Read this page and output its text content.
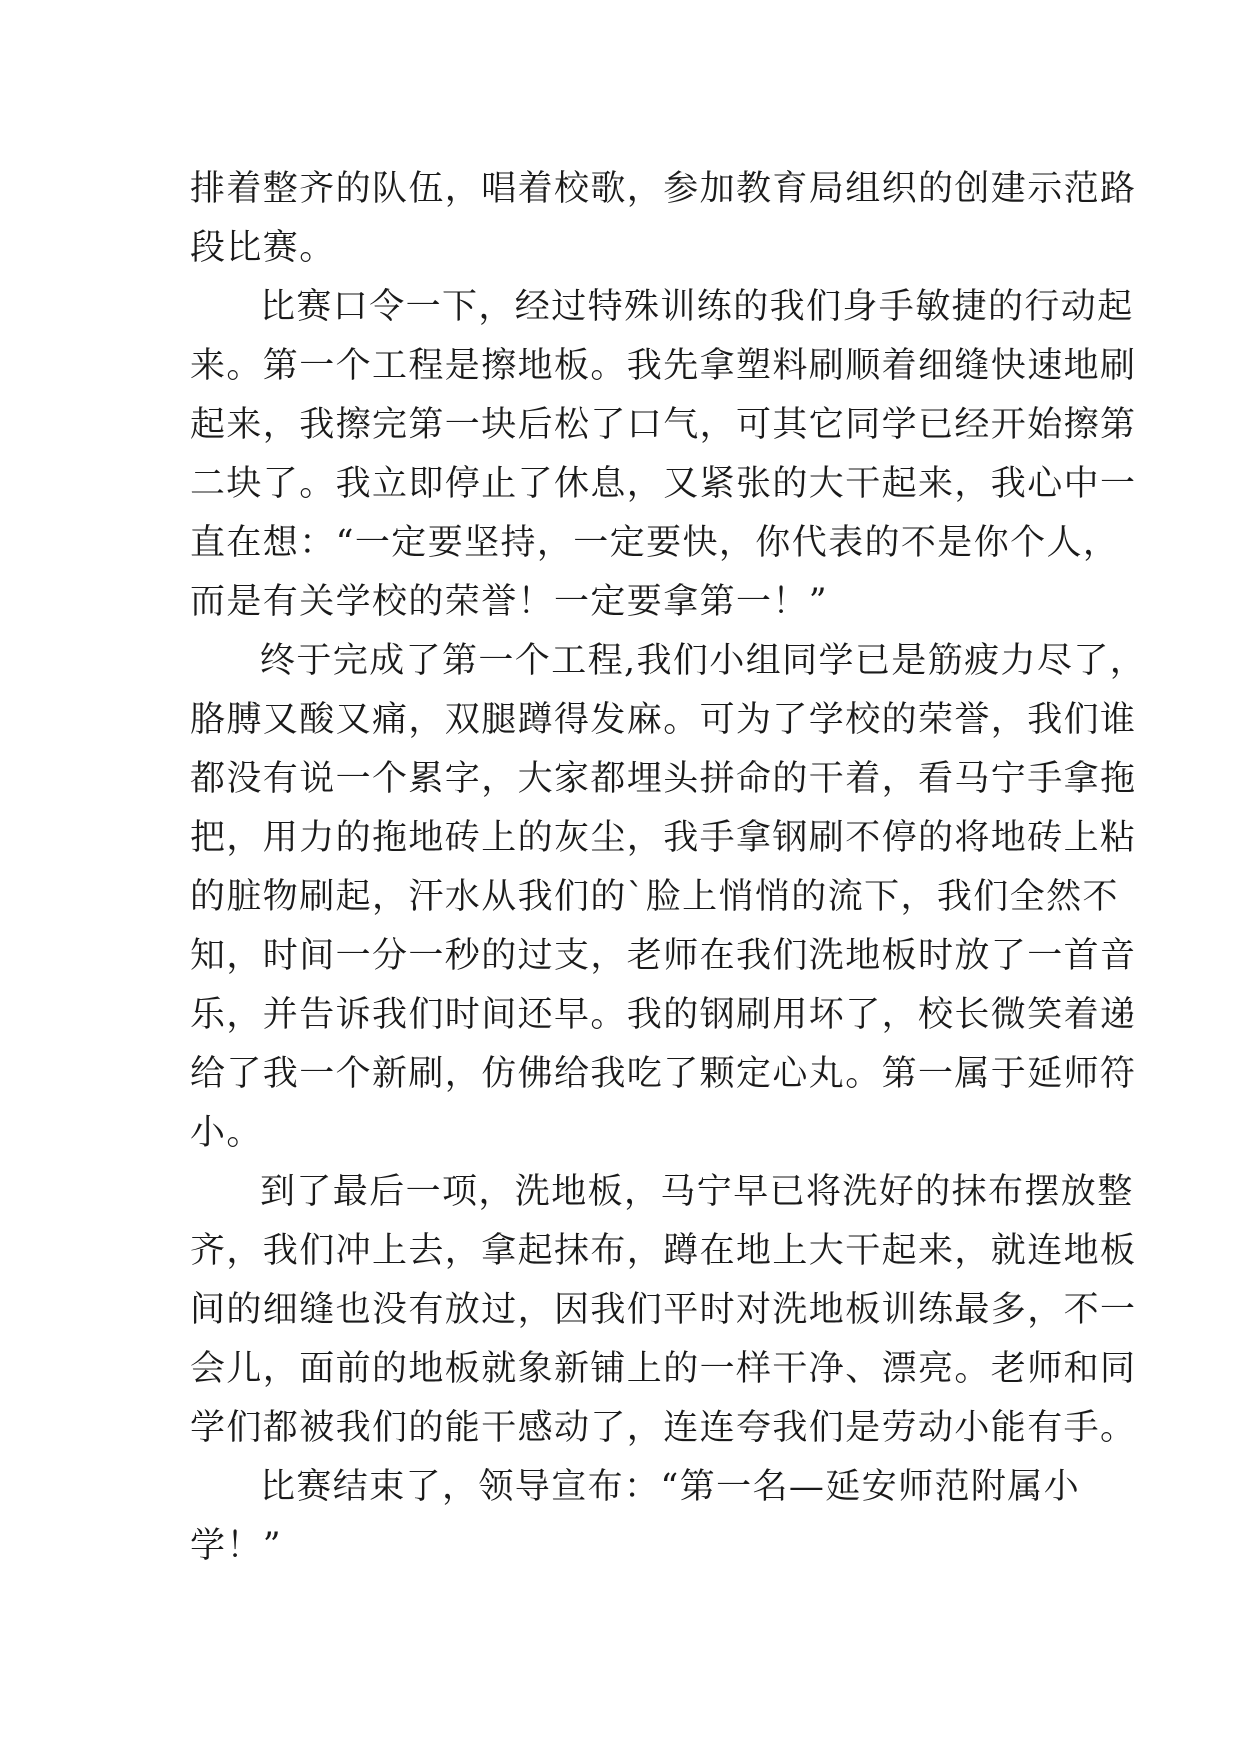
排着整齐的队伍，唱着校歌，参加教育局组织的创建示范路
段比赛。
比赛口令一下，经过特殊训练的我们身手敏捷的行动起
来。第一个工程是擦地板。我先拿塑料刷顺着细缝快速地刷
起来，我擦完第一块后松了口气，可其它同学已经开始擦第
二块了。我立即停止了休息，又紧张的大干起来，我心中一
直在想：“一定要坚持，一定要快，你代表的不是你个人，
而是有关学校的荣誉！一定要拿第一！”
终于完成了第一个工程,我们小组同学已是筋疲力尽了，
胳膊又酸又痛，双腿蹲得发麻。可为了学校的荣誉，我们谁
都没有说一个累字，大家都埋头拼命的干着，看马宁手拿拖
把，用力的拖地砖上的灰尘，我手拿钢刷不停的将地砖上粘
的脏物刷起，汗水从我们的`脸上悄悄的流下，我们全然不
知，时间一分一秒的过支，老师在我们洗地板时放了一首音
乐，并告诉我们时间还早。我的钢刷用坏了，校长微笑着递
给了我一个新刷，仿佛给我吃了颗定心丸。第一属于延师符
小。
到了最后一项，洗地板，马宁早已将洗好的抹布摆放整
齐，我们冲上去，拿起抹布，蹲在地上大干起来，就连地板
间的细缝也没有放过，因我们平时对洗地板训练最多，不一
会儿，面前的地板就象新铺上的一样干净、漂亮。老师和同
学们都被我们的能干感动了，连连夸我们是劳动小能有手。
比赛结束了，领导宣布：“第一名—延安师范附属小
学！”
